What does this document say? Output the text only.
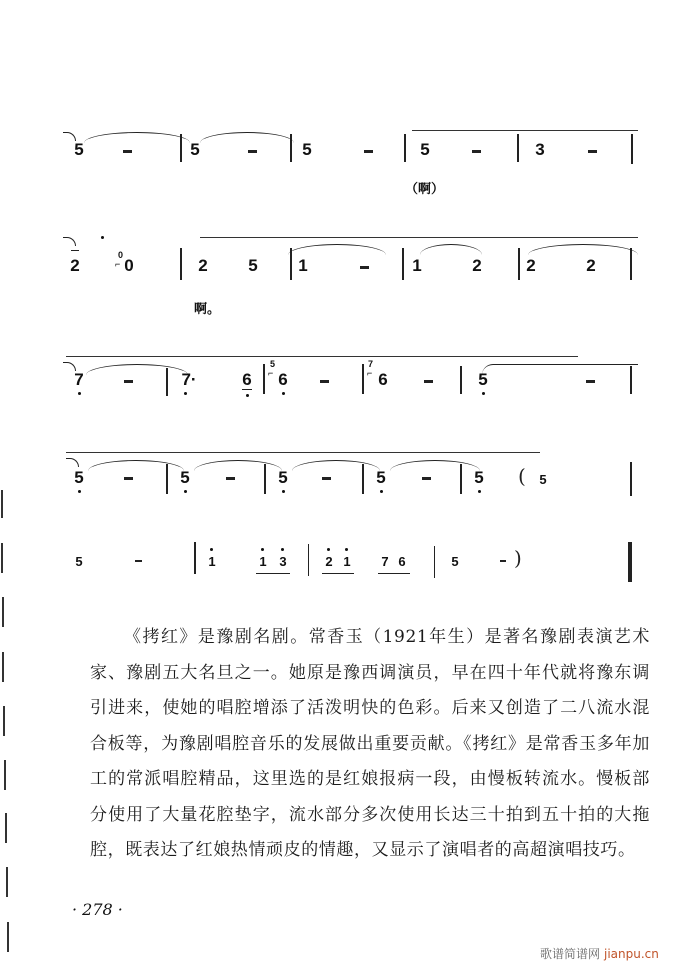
5	5	5	5	3
（啊）
2
0
⌐ 0	2 5 1	1	2	2	2
啊。
7	7·	6
5
⌐ 6
7
⌐ 6	5
5	5	5	5	5 ( 5
5	1	1 3	2 1 7 6	5	)

《拷红》是豫剧名剧。常香玉（1921年生）是著名豫剧表演艺术家、豫剧五大名旦之一。她原是豫西调演员，早在四十年代就将豫东调引进来，使她的唱腔增添了活泼明快的色彩。后来又创造了二八流水混合板等，为豫剧唱腔音乐的发展做出重要贡献。《拷红》是常香玉多年加工的常派唱腔精品，这里选的是红娘报病一段，由慢板转流水。慢板部分使用了大量花腔垫字，流水部分多次使用长达三十拍到五十拍的大拖腔，既表达了红娘热情顽皮的情趣，又显示了演唱者的高超演唱技巧。

· 278 ·
歌谱简谱网 jianpu.cn
